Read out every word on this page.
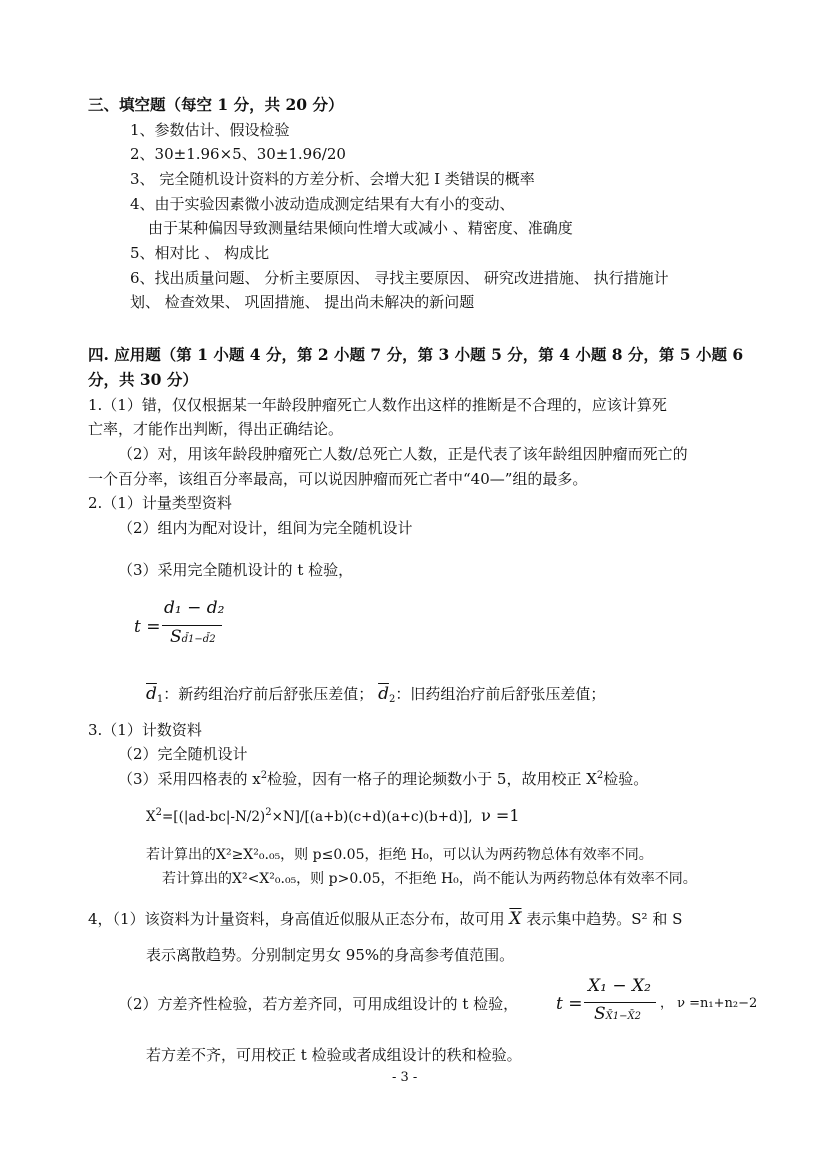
三、填空题（每空 1 分，共 20 分）
1、参数估计、假设检验
2、30±1.96×5、30±1.96/20
3、 完全随机设计资料的方差分析、会增大犯 I 类错误的概率
4、由于实验因素微小波动造成测定结果有大有小的变动、
由于某种偏因导致测量结果倾向性增大或减小 、精密度、准确度
5、相对比 、 构成比
6、找出质量问题、 分析主要原因、 寻找主要原因、 研究改进措施、 执行措施计
划、 检查效果、 巩固措施、 提出尚未解决的新问题
四. 应用题（第 1 小题 4 分，第 2 小题 7 分，第 3 小题 5 分，第 4 小题 8 分，第 5 小题 6
分，共 30 分）
1.（1）错，仅仅根据某一年龄段肿瘤死亡人数作出这样的推断是不合理的，应该计算死
亡率，才能作出判断，得出正确结论。
（2）对，用该年龄段肿瘤死亡人数/总死亡人数，正是代表了该年龄组因肿瘤而死亡的
一个百分率，该组百分率最高，可以说因肿瘤而死亡者中“40—”组的最多。
2.（1）计量类型资料
（2）组内为配对设计，组间为完全随机设计
（3）采用完全随机设计的 t 检验，
t =
d₁ − d₂
Sd̄1−d̄2
$\overline{d}_1$：新药组治疗前后舒张压差值； $\overline{d}_2$：旧药组治疗前后舒张压差值；
3.（1）计数资料
（2）完全随机设计
（3）采用四格表的 $x^2$检验，因有一格子的理论频数小于 5，故用校正 $X^2$检验。
$X^2=[(|ad-bc|-N/2)^2\times N]/[(a+b)(c+d)(a+c)(b+d)]$, ν =1
若计算出的X²≥X²₀.₀₅，则 p≤0.05，拒绝 H₀，可以认为两药物总体有效率不同。
若计算出的X²<X²₀.₀₅，则 p>0.05，不拒绝 H₀，尚不能认为两药物总体有效率不同。
4，（1）该资料为计量资料，身高值近似服从正态分布，故可用 $\overline{X}$ 表示集中趋势。S² 和 S
表示离散趋势。分别制定男女 95%的身高参考值范围。
（2）方差齐性检验，若方差齐同，可用成组设计的 t 检验， t =
X₁ − X₂
SX̄1−X̄2
， ν =n₁+n₂−2
若方差不齐，可用校正 t 检验或者成组设计的秩和检验。
- 3 -
